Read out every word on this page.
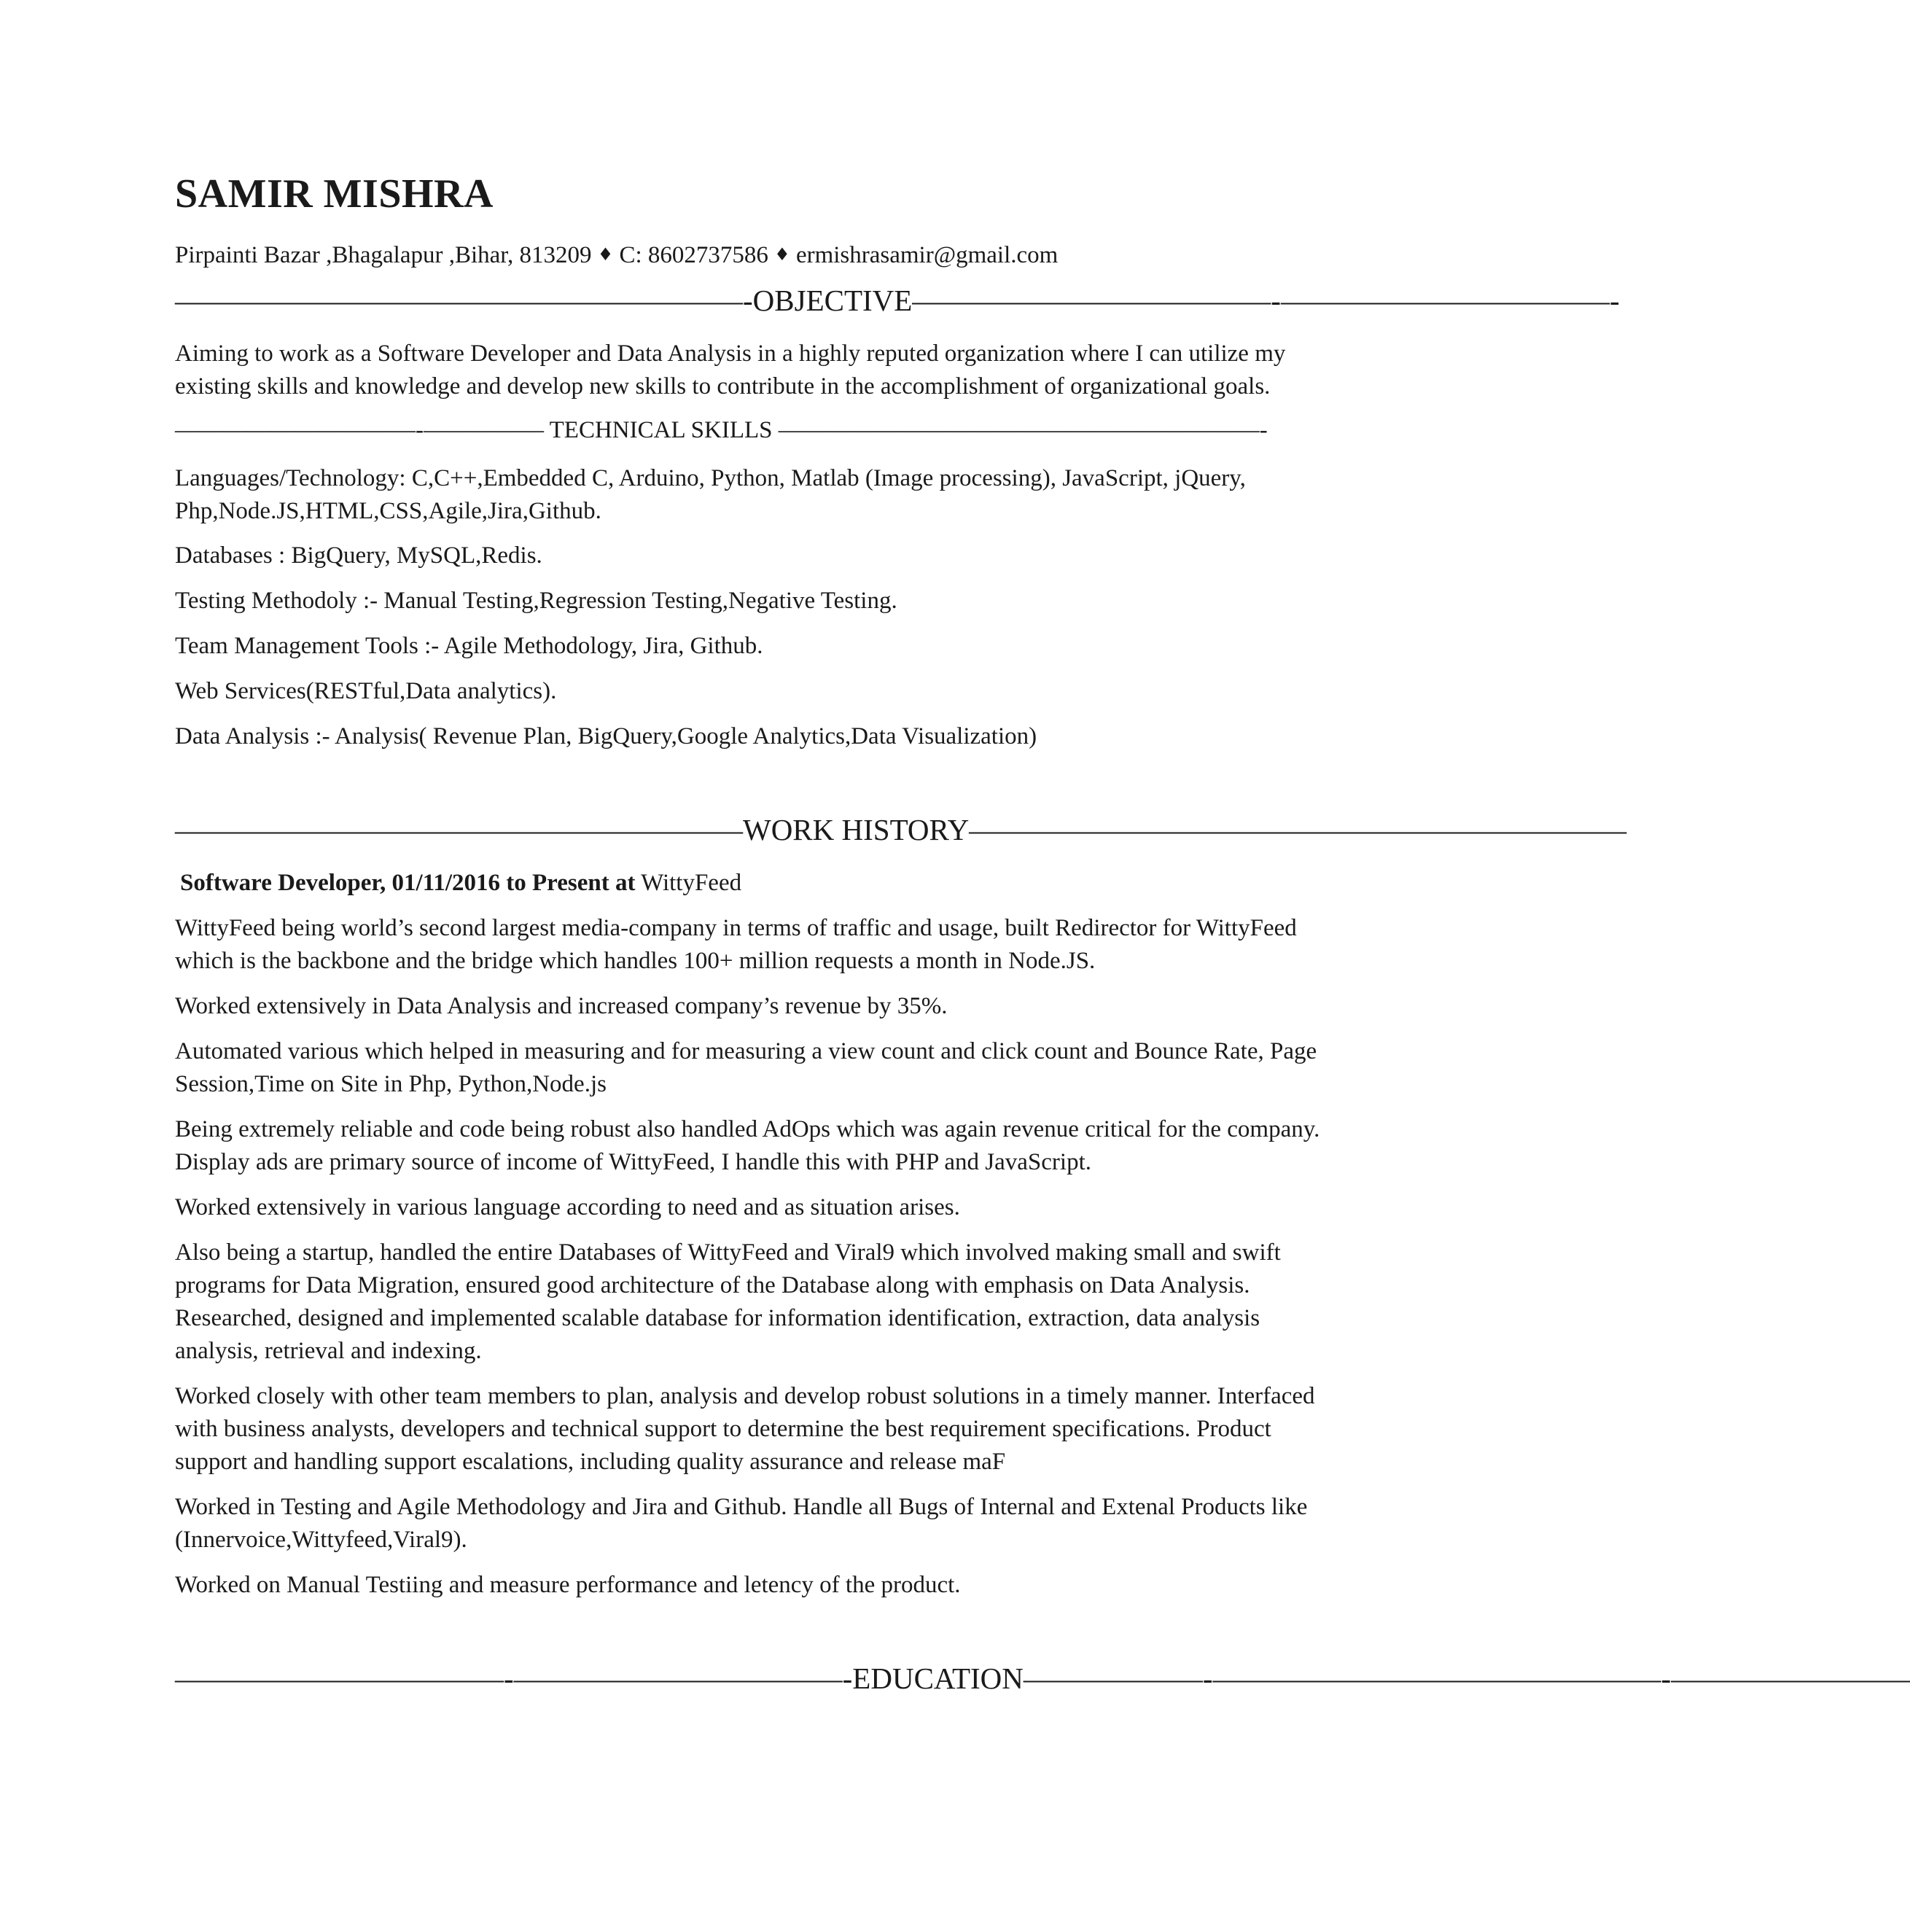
SAMIR MISHRA
Pirpainti Bazar ,Bhagalapur ,Bihar, 813209 ♦ C: 8602737586 ♦ ermishrasamir@gmail.com
———————————————————-OBJECTIVE————————————-———————————-

Aiming to work as a Software Developer and Data Analysis in a highly reputed organization where I can utilize my existing skills and knowledge and develop new skills to contribute in the accomplishment of organizational goals.

——————————-————— TECHNICAL SKILLS ————————————————————-

Languages/Technology: C,C++,Embedded C, Arduino, Python, Matlab (Image processing), JavaScript, jQuery, Php,Node.JS,HTML,CSS,Agile,Jira,Github.

Databases : BigQuery, MySQL,Redis.

Testing Methodoly :- Manual Testing,Regression Testing,Negative Testing.

Team Management Tools :- Agile Methodology, Jira, Github.

Web Services(RESTful,Data analytics).

Data Analysis :- Analysis( Revenue Plan, BigQuery,Google Analytics,Data Visualization)

———————————————————WORK HISTORY——————————————————————
Software Developer, 01/11/2016 to Present at WittyFeed

WittyFeed being world’s second largest media-company in terms of traffic and usage, built Redirector for WittyFeed which is the backbone and the bridge which handles 100+ million requests a month in Node.JS.

Worked extensively in Data Analysis and increased company’s revenue by 35%.

Automated various which helped in measuring and for measuring a view count and click count and Bounce Rate, Page Session,Time on Site in Php, Python,Node.js

Being extremely reliable and code being robust also handled AdOps which was again revenue critical for the company. Display ads are primary source of income of WittyFeed, I handle this with PHP and JavaScript.

Worked extensively in various language according to need and as situation arises.

Also being a startup, handled the entire Databases of WittyFeed and Viral9 which involved making small and swift programs for Data Migration, ensured good architecture of the Database along with emphasis on Data Analysis. Researched, designed and implemented scalable database for information identification, extraction, data analysis analysis, retrieval and indexing.

Worked closely with other team members to plan, analysis and develop robust solutions in a timely manner. Interfaced with business analysts, developers and technical support to determine the best requirement specifications. Product support and handling support escalations, including quality assurance and release maF

Worked in Testing and Agile Methodology and Jira and Github. Handle all Bugs of Internal and Extenal Products like (Innervoice,Wittyfeed,Viral9).

Worked on Manual Testiing and measure performance and letency of the product.

———————————-———————————-EDUCATION——————-———————————————-————————
